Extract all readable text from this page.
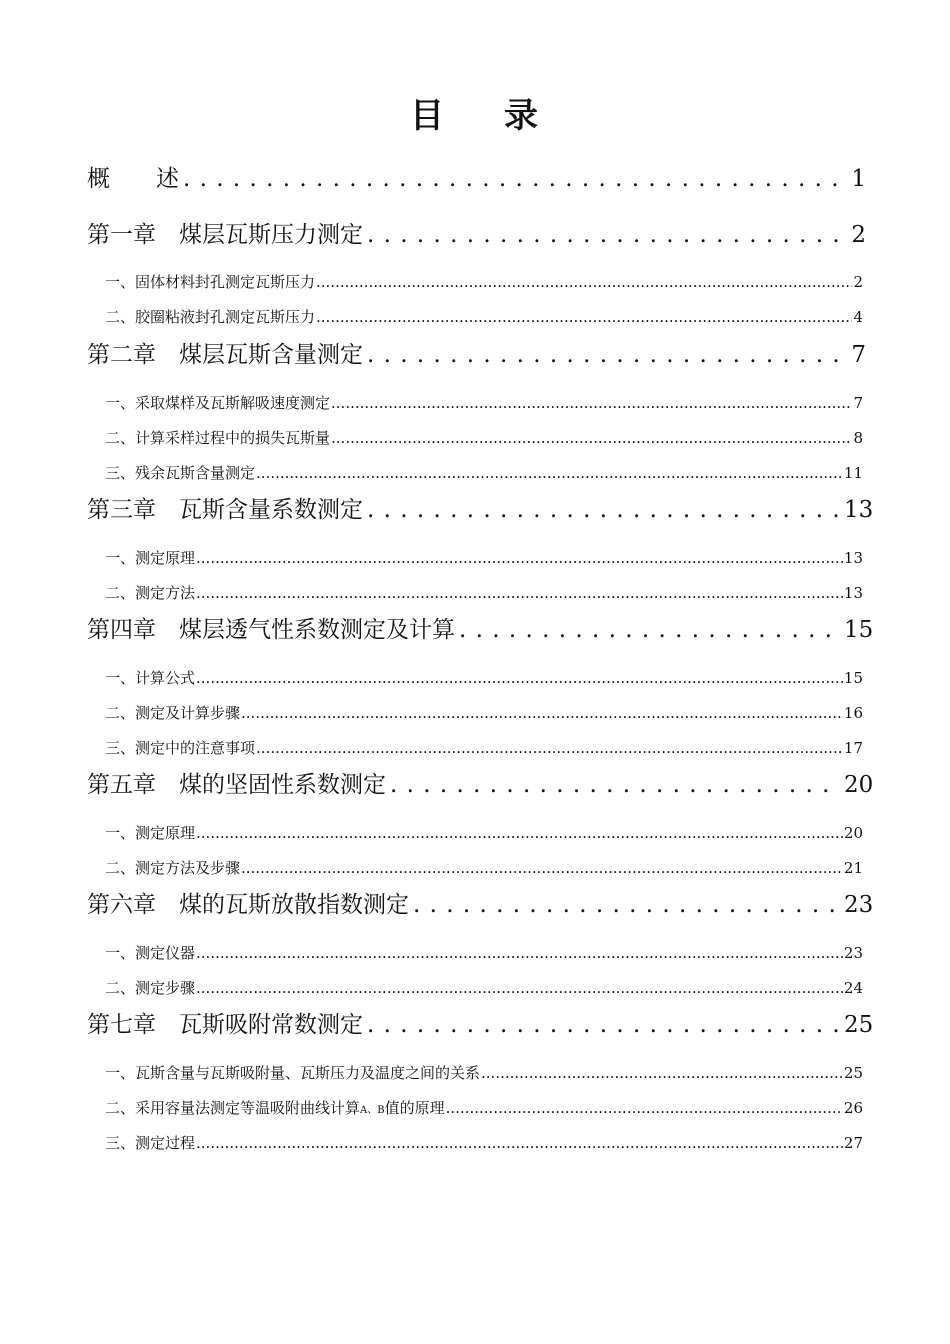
目 录
概　　述 . . .	1
第一章　煤层瓦斯压力测定 . . .	2
一、固体材料封孔测定瓦斯压力 .....	2
二、胶圈粘液封孔测定瓦斯压力 .....	4
第二章　煤层瓦斯含量测定 . . .	7
一、采取煤样及瓦斯解吸速度测定 .....	7
二、计算采样过程中的损失瓦斯量 .....	8
三、残余瓦斯含量测定 .....	11
第三章　瓦斯含量系数测定 . . .	13
一、测定原理 .....	13
二、测定方法 .....	13
第四章　煤层透气性系数测定及计算 . . .	15
一、计算公式 .....	15
二、测定及计算步骤 .....	16
三、测定中的注意事项 .....	17
第五章　煤的坚固性系数测定 . . .	20
一、测定原理 .....	20
二、测定方法及步骤 .....	21
第六章　煤的瓦斯放散指数测定 . . .	23
一、测定仪器 .....	23
二、测定步骤 .....	24
第七章　瓦斯吸附常数测定 . . .	25
一、瓦斯含量与瓦斯吸附量、瓦斯压力及温度之间的关系 .....	25
二、采用容量法测定等温吸附曲线计算A、B值的原理 .....	26
三、测定过程 .....	27
